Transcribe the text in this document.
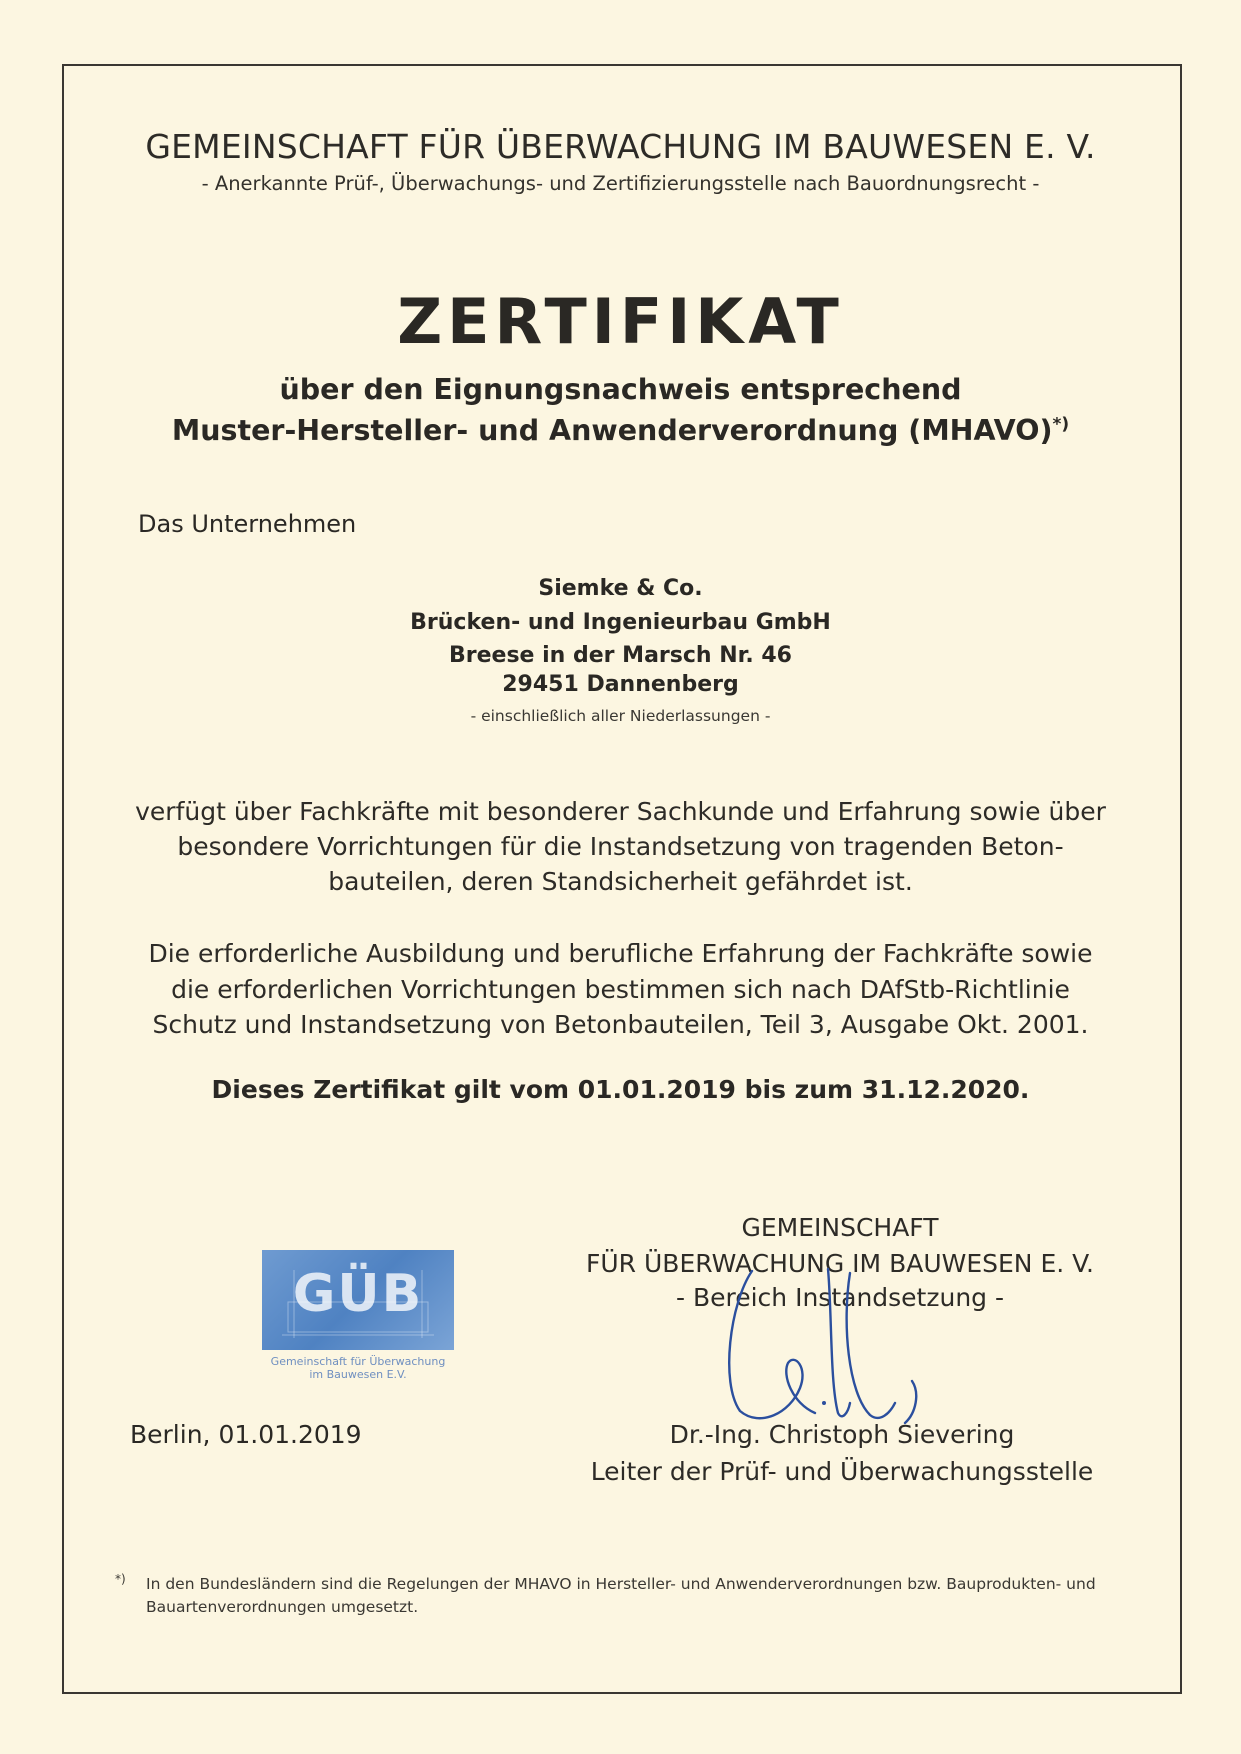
GEMEINSCHAFT FÜR ÜBERWACHUNG IM BAUWESEN E. V.
- Anerkannte Prüf-, Überwachungs- und Zertifizierungsstelle nach Bauordnungsrecht -
ZERTIFIKAT
über den Eignungsnachweis entsprechend
Muster-Hersteller- und Anwenderverordnung (MHAVO)*)
Das Unternehmen
Siemke & Co.
Brücken- und Ingenieurbau GmbH
Breese in der Marsch Nr. 46
29451 Dannenberg
- einschließlich aller Niederlassungen -
verfügt über Fachkräfte mit besonderer Sachkunde und Erfahrung sowie über
besondere Vorrichtungen für die Instandsetzung von tragenden Beton-
bauteilen, deren Standsicherheit gefährdet ist.
Die erforderliche Ausbildung und berufliche Erfahrung der Fachkräfte sowie
die erforderlichen Vorrichtungen bestimmen sich nach DAfStb-Richtlinie
Schutz und Instandsetzung von Betonbauteilen, Teil 3, Ausgabe Okt. 2001.
Dieses Zertifikat gilt vom 01.01.2019 bis zum 31.12.2020.
GÜB
Gemeinschaft für Überwachung
im Bauwesen E.V.
GEMEINSCHAFT
FÜR ÜBERWACHUNG IM BAUWESEN E. V.
- Bereich Instandsetzung -
Berlin, 01.01.2019	Dr.-Ing. Christoph Sievering
Leiter der Prüf- und Überwachungsstelle
*) In den Bundesländern sind die Regelungen der MHAVO in Hersteller- und Anwenderverordnungen bzw. Bauprodukten- und Bauartenverordnungen umgesetzt.
